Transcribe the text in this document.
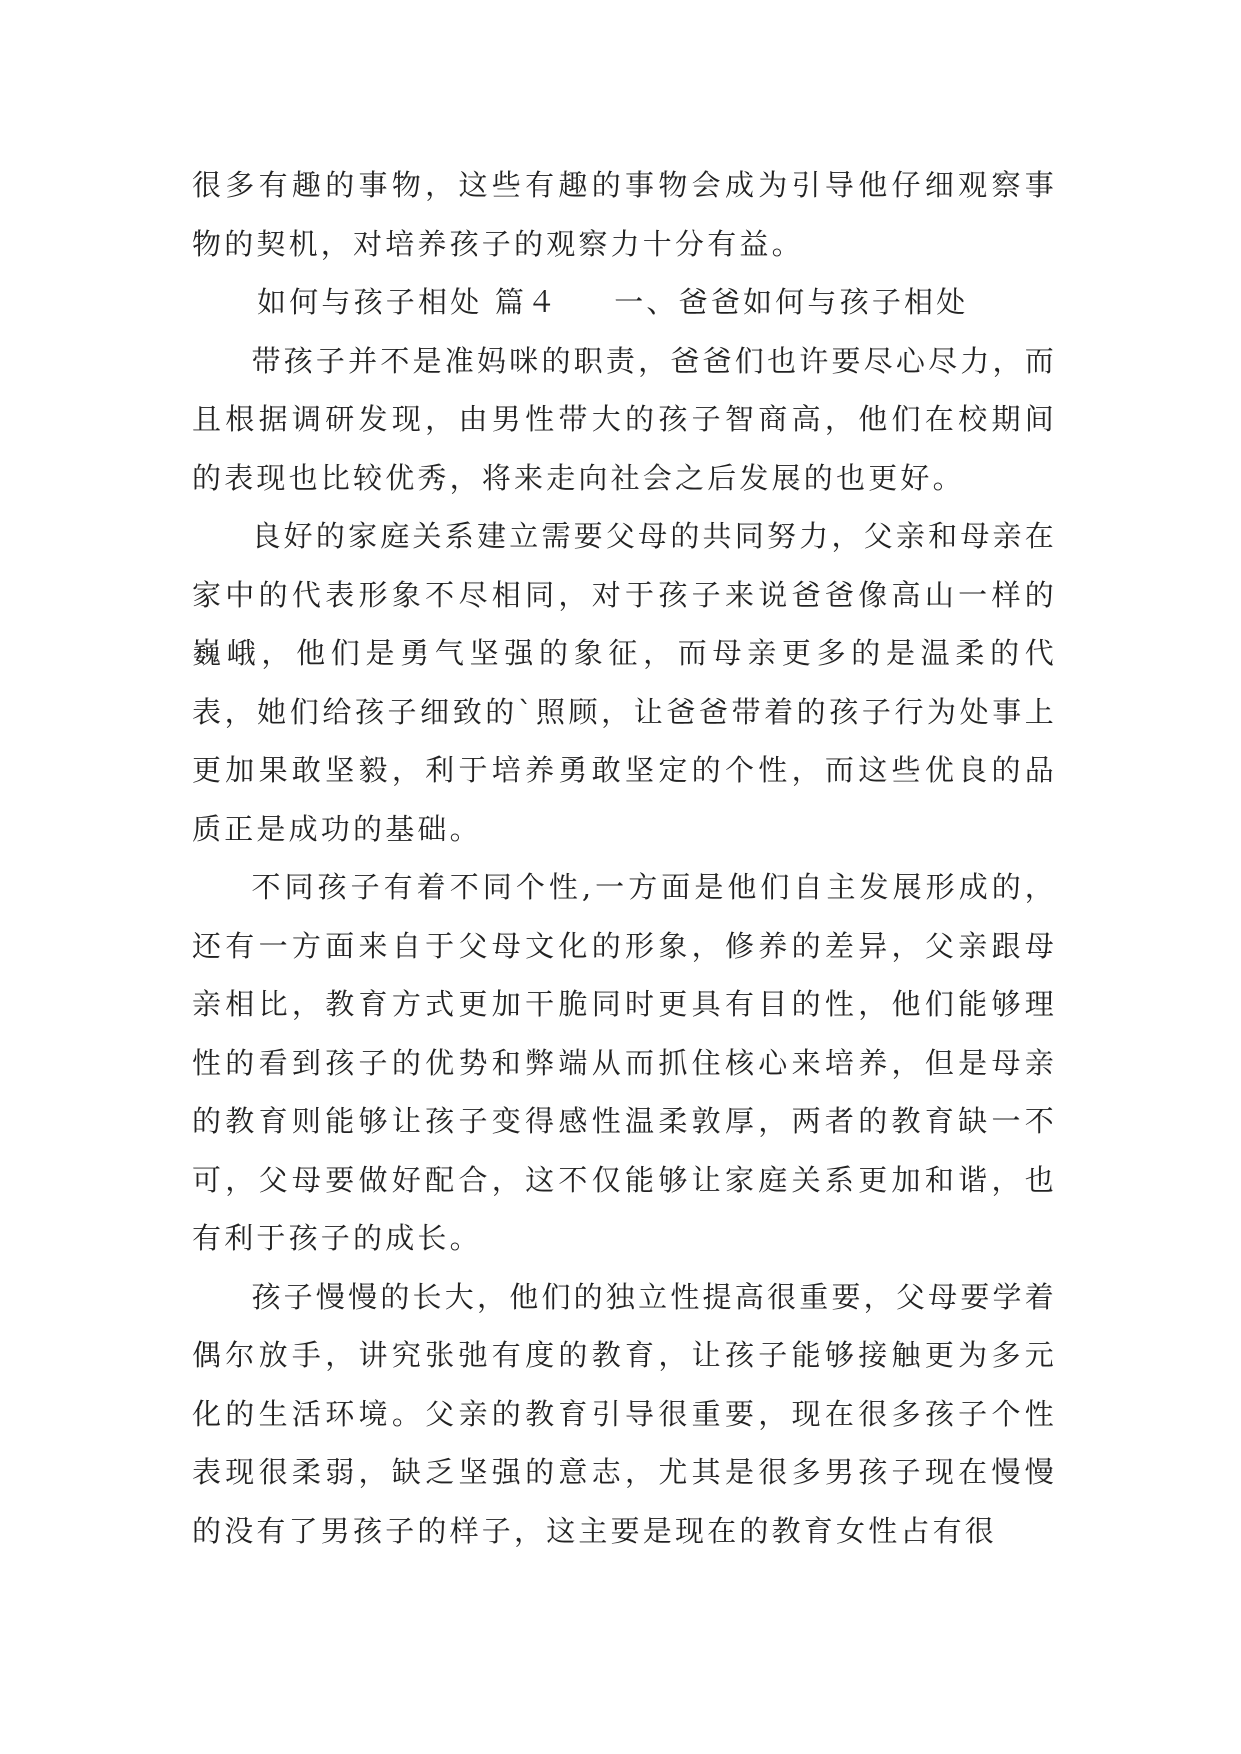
很多有趣的事物，这些有趣的事物会成为引导他仔细观察事物的契机，对培养孩子的观察力十分有益。

如何与孩子相处 篇４ 一、爸爸如何与孩子相处

带孩子并不是准妈咪的职责，爸爸们也许要尽心尽力，而且根据调研发现，由男性带大的孩子智商高，他们在校期间的表现也比较优秀，将来走向社会之后发展的也更好。

良好的家庭关系建立需要父母的共同努力，父亲和母亲在家中的代表形象不尽相同，对于孩子来说爸爸像高山一样的巍峨，他们是勇气坚强的象征，而母亲更多的是温柔的代表，她们给孩子细致的`照顾，让爸爸带着的孩子行为处事上更加果敢坚毅，利于培养勇敢坚定的个性，而这些优良的品质正是成功的基础。

不同孩子有着不同个性,一方面是他们自主发展形成的，还有一方面来自于父母文化的形象，修养的差异，父亲跟母亲相比，教育方式更加干脆同时更具有目的性，他们能够理性的看到孩子的优势和弊端从而抓住核心来培养，但是母亲的教育则能够让孩子变得感性温柔敦厚，两者的教育缺一不可，父母要做好配合，这不仅能够让家庭关系更加和谐，也有利于孩子的成长。

孩子慢慢的长大，他们的独立性提高很重要，父母要学着偶尔放手，讲究张弛有度的教育，让孩子能够接触更为多元化的生活环境。父亲的教育引导很重要，现在很多孩子个性表现很柔弱，缺乏坚强的意志，尤其是很多男孩子现在慢慢的没有了男孩子的样子，这主要是现在的教育女性占有很
